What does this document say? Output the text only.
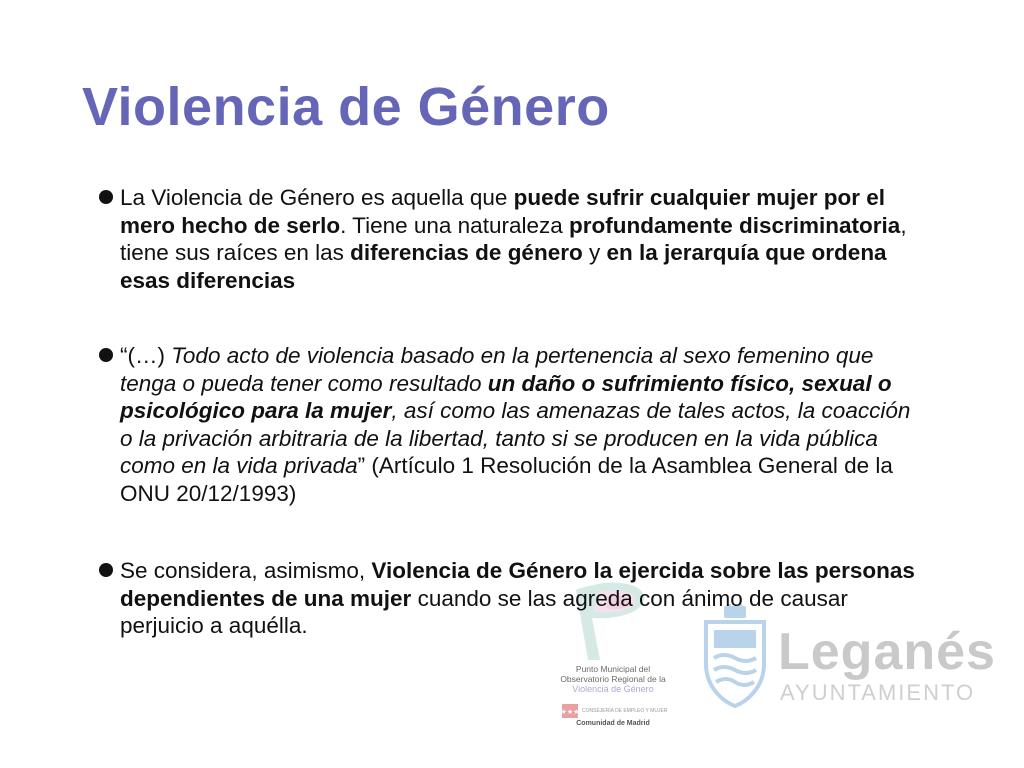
Violencia de Género
La Violencia de Género es aquella que puede sufrir cualquier mujer por el mero hecho de serlo. Tiene una naturaleza profundamente discriminatoria, tiene sus raíces en las diferencias de género y en la jerarquía que ordena esas diferencias
“(…) Todo acto de violencia basado en la pertenencia al sexo femenino que tenga o pueda tener como resultado un daño o sufrimiento físico, sexual o psicológico para la mujer, así como las amenazas de tales actos, la coacción o la privación arbitraria de la libertad, tanto si se producen en la vida pública como en la vida privada” (Artículo 1 Resolución de la Asamblea General de la ONU 20/12/1993)
Se considera, asimismo, Violencia de Género la ejercida sobre las personas dependientes de una mujer cuando se las agreda con ánimo de causar perjuicio a aquélla.
Punto Municipal del
Observatorio Regional de la
Violencia de Género
★★★ CONSEJERÍA DE EMPLEO Y MUJER
Comunidad de Madrid
Leganés
AYUNTAMIENTO
